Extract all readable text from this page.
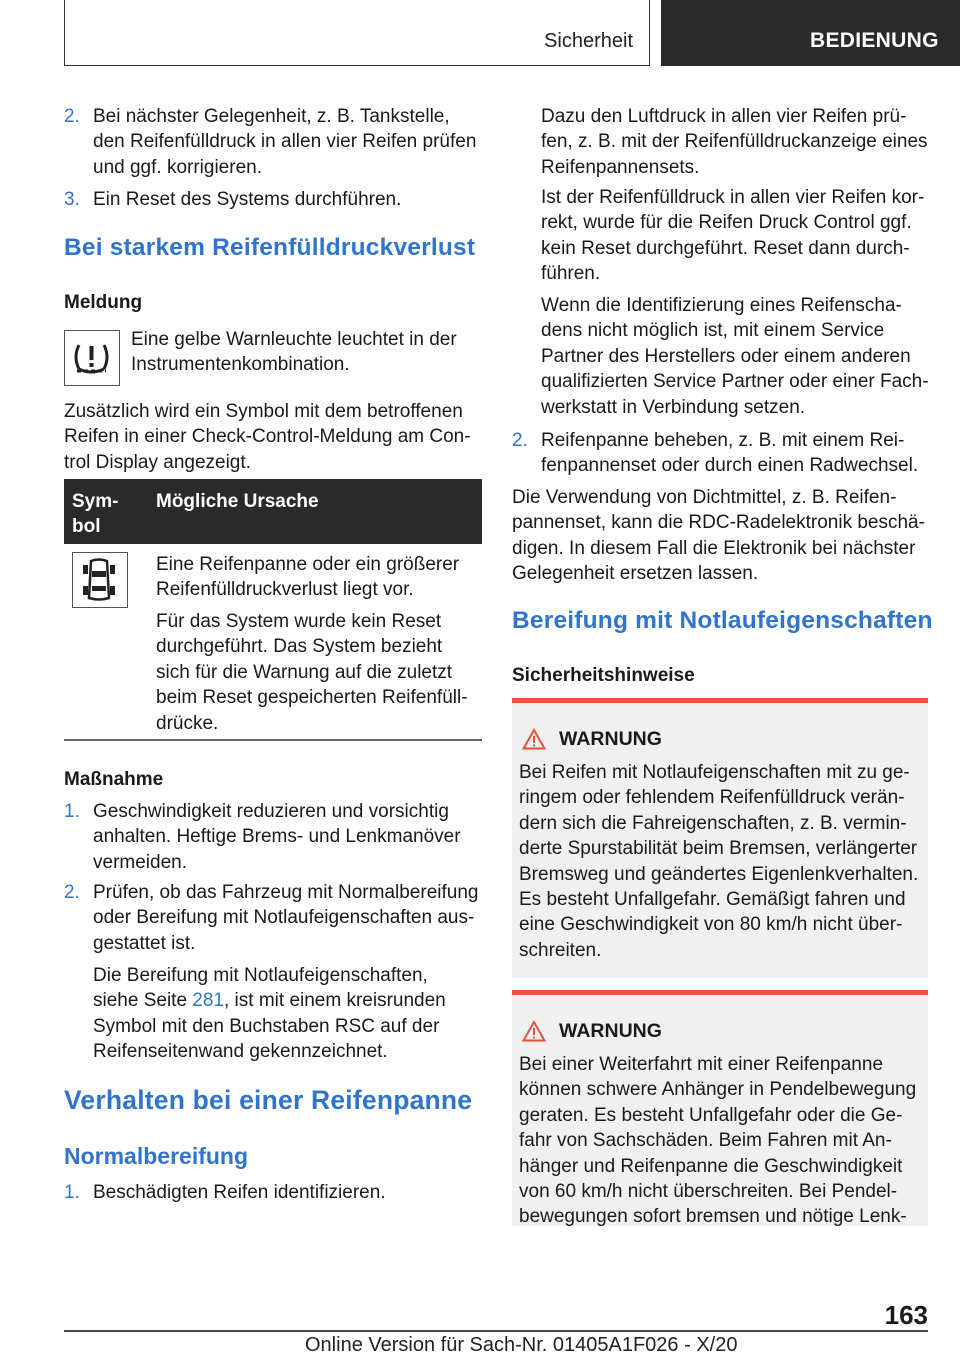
Sicherheit	BEDIENUNG
2. Bei nächster Gelegenheit, z. B. Tankstelle,
den Reifenfülldruck in allen vier Reifen prüfen
und ggf. korrigieren.
3. Ein Reset des Systems durchführen.
Bei starkem Reifenfülldruckverlust
Meldung
Eine gelbe Warnleuchte leuchtet in der
Instrumentenkombination.
Zusätzlich wird ein Symbol mit dem betroffenen
Reifen in einer Check-Control-Meldung am Con-
trol Display angezeigt.
Sym-
bol
Mögliche Ursache
Eine Reifenpanne oder ein größerer
Reifenfülldruckverlust liegt vor.
Für das System wurde kein Reset
durchgeführt. Das System bezieht
sich für die Warnung auf die zuletzt
beim Reset gespeicherten Reifenfüll-
drücke.
Maßnahme
1. Geschwindigkeit reduzieren und vorsichtig
anhalten. Heftige Brems- und Lenkmanöver
vermeiden.
2. Prüfen, ob das Fahrzeug mit Normalbereifung
oder Bereifung mit Notlaufeigenschaften aus-
gestattet ist.
Die Bereifung mit Notlaufeigenschaften,
siehe Seite 281, ist mit einem kreisrunden
Symbol mit den Buchstaben RSC auf der
Reifenseitenwand gekennzeichnet.
Verhalten bei einer Reifenpanne
Normalbereifung
1. Beschädigten Reifen identifizieren.
Dazu den Luftdruck in allen vier Reifen prü-
fen, z. B. mit der Reifenfülldruckanzeige eines
Reifenpannensets.
Ist der Reifenfülldruck in allen vier Reifen kor-
rekt, wurde für die Reifen Druck Control ggf.
kein Reset durchgeführt. Reset dann durch-
führen.
Wenn die Identifizierung eines Reifenscha-
dens nicht möglich ist, mit einem Service
Partner des Herstellers oder einem anderen
qualifizierten Service Partner oder einer Fach-
werkstatt in Verbindung setzen.
2. Reifenpanne beheben, z. B. mit einem Rei-
fenpannenset oder durch einen Radwechsel.
Die Verwendung von Dichtmittel, z. B. Reifen-
pannenset, kann die RDC-Radelektronik beschä-
digen. In diesem Fall die Elektronik bei nächster
Gelegenheit ersetzen lassen.
Bereifung mit Notlaufeigenschaften
Sicherheitshinweise
WARNUNG
Bei Reifen mit Notlaufeigenschaften mit zu ge-
ringem oder fehlendem Reifenfülldruck verän-
dern sich die Fahreigenschaften, z. B. vermin-
derte Spurstabilität beim Bremsen, verlängerter
Bremsweg und geändertes Eigenlenkverhalten.
Es besteht Unfallgefahr. Gemäßigt fahren und
eine Geschwindigkeit von 80 km/h nicht über-
schreiten.
WARNUNG
Bei einer Weiterfahrt mit einer Reifenpanne
können schwere Anhänger in Pendelbewegung
geraten. Es besteht Unfallgefahr oder die Ge-
fahr von Sachschäden. Beim Fahren mit An-
hänger und Reifenpanne die Geschwindigkeit
von 60 km/h nicht überschreiten. Bei Pendel-
bewegungen sofort bremsen und nötige Lenk-
163
Online Version für Sach-Nr. 01405A1F026 - X/20
